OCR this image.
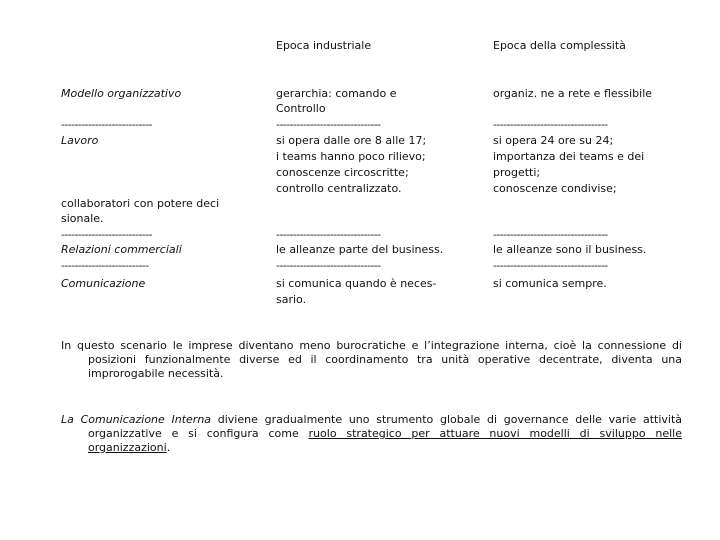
Epoca industriale	Epoca della complessità
Modello organizzativo
---------------------------
Lavoro
collaboratori con potere deci
sionale.
---------------------------
Relazioni commerciali
--------------------------
Comunicazione
gerarchia: comando e
Controllo
-------------------------------
si opera dalle ore 8 alle 17;
i teams hanno poco rilievo;
conoscenze circoscritte;
controllo centralizzato.
-------------------------------
le alleanze parte del business.
-------------------------------
si comunica quando è neces-
sario.
organiz. ne a rete e flessibile
----------------------------------
si opera 24 ore su 24;
importanza dei teams e dei
progetti;
conoscenze condivise;
----------------------------------
le alleanze sono il business.
----------------------------------
si comunica sempre.
In questo scenario le imprese diventano meno burocratiche e l’integrazione interna, cioè la connessione di posizioni funzionalmente diverse ed il coordinamento tra unità operative decentrate, diventa una improrogabile necessità.
La Comunicazione Interna diviene gradualmente uno strumento globale di governance delle varie attività organizzative e si configura come ruolo strategico per attuare nuovi modelli di sviluppo nelle organizzazioni.
